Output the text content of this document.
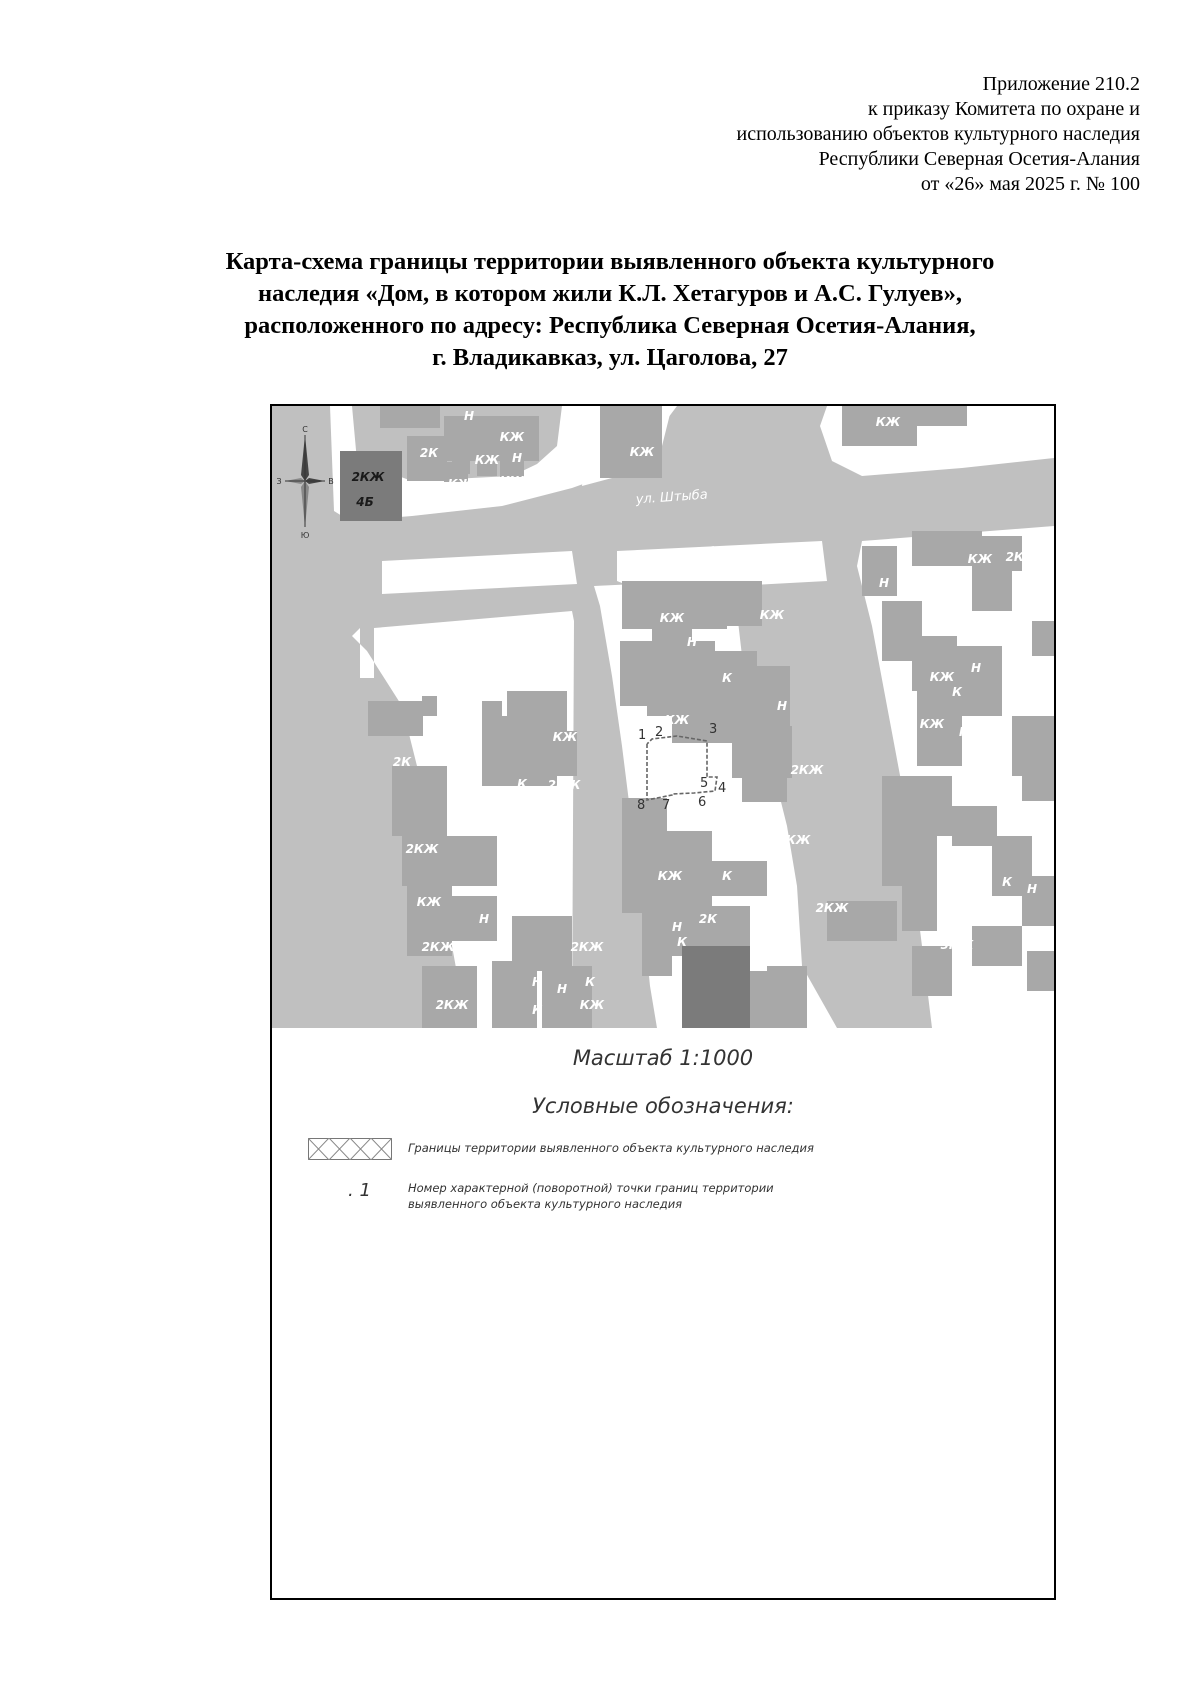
Приложение 210.2
к приказу Комитета по охране и
использованию объектов культурного наследия
Республики Северная Осетия-Алания
от «26» мая 2025 г. № 100
Карта-схема границы территории выявленного объекта культурного
наследия «Дом, в котором жили К.Л. Хетагуров и А.С. Гулуев»,
расположенного по адресу: Республика Северная Осетия-Алания,
г. Владикавказ, ул. Цаголова, 27
С
Ю
З	В
ул. Штыба
ул. Штыба
Н
КЖ
2К	КЖ Н
КЖ КЖ
Н
2КЖ
4Б
КЖ
Н
КЖ
КЖ 2КЖ
Н
К
КЖ
Н
К
Н
КЖ
КЖ
Н
КЖ
КЖ
К
Н
КЖ
2КЖ
К
2КЖ
КЖ	К
2КЖ
2КЖ
КЖ
2К
2КЖ
К
2КЖ
Н
К
2КЖ
КЖ
Н
2КЖ
КЖ
Н	К
3КЖ
К Н
2К
2КЖ
Н
К
1 2	3
4
5
6
7
8
Масштаб 1:1000
Условные обозначения:
Границы территории выявленного объекта культурного наследия
. 1	Номер характерной (поворотной) точки границ территории
выявленного объекта культурного наследия
